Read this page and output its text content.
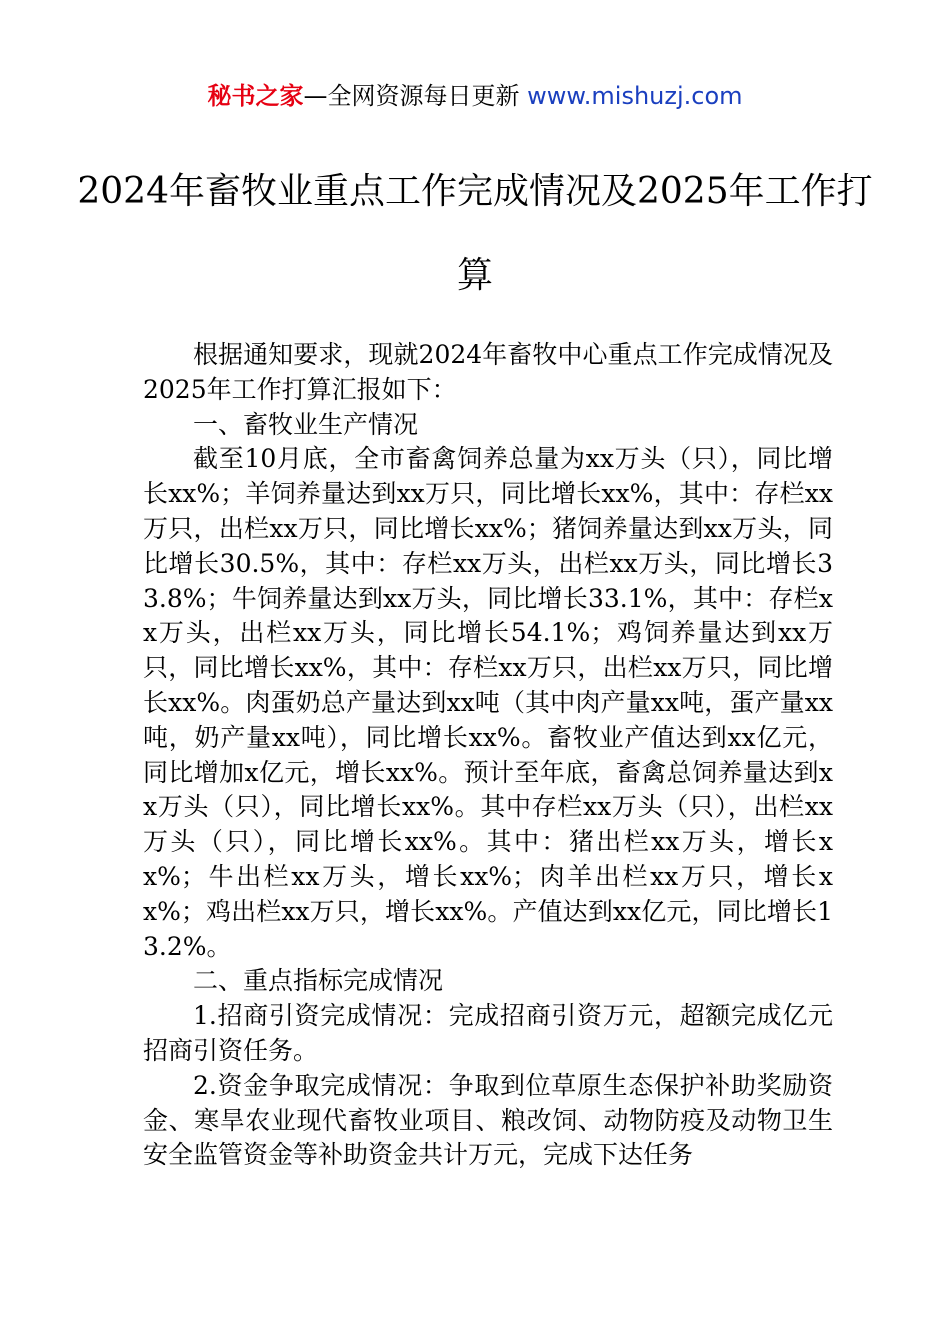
秘书之家—全网资源每日更新 www.mishuzj.com
2024年畜牧业重点工作完成情况及2025年工作打算

根据通知要求，现就2024年畜牧中心重点工作完成情况及2025年工作打算汇报如下：

一、畜牧业生产情况

截至10月底，全市畜禽饲养总量为xx万头（只），同比增长xx%；羊饲养量达到xx万只，同比增长xx%，其中：存栏xx万只，出栏xx万只，同比增长xx%；猪饲养量达到xx万头，同比增长30.5%，其中：存栏xx万头，出栏xx万头，同比增长33.8%；牛饲养量达到xx万头，同比增长33.1%，其中：存栏xx万头，出栏xx万头，同比增长54.1%；鸡饲养量达到xx万只，同比增长xx%，其中：存栏xx万只，出栏xx万只，同比增长xx%。肉蛋奶总产量达到xx吨（其中肉产量xx吨，蛋产量xx吨，奶产量xx吨），同比增长xx%。畜牧业产值达到xx亿元，同比增加x亿元，增长xx%。预计至年底，畜禽总饲养量达到xx万头（只），同比增长xx%。其中存栏xx万头（只），出栏xx万头（只），同比增长xx%。其中：猪出栏xx万头，增长xx%；牛出栏xx万头，增长xx%；肉羊出栏xx万只，增长xx%；鸡出栏xx万只，增长xx%。产值达到xx亿元，同比增长13.2%。

二、重点指标完成情况

1.招商引资完成情况：完成招商引资万元，超额完成亿元招商引资任务。

2.资金争取完成情况：争取到位草原生态保护补助奖励资金、寒旱农业现代畜牧业项目、粮改饲、动物防疫及动物卫生安全监管资金等补助资金共计万元，完成下达任务
